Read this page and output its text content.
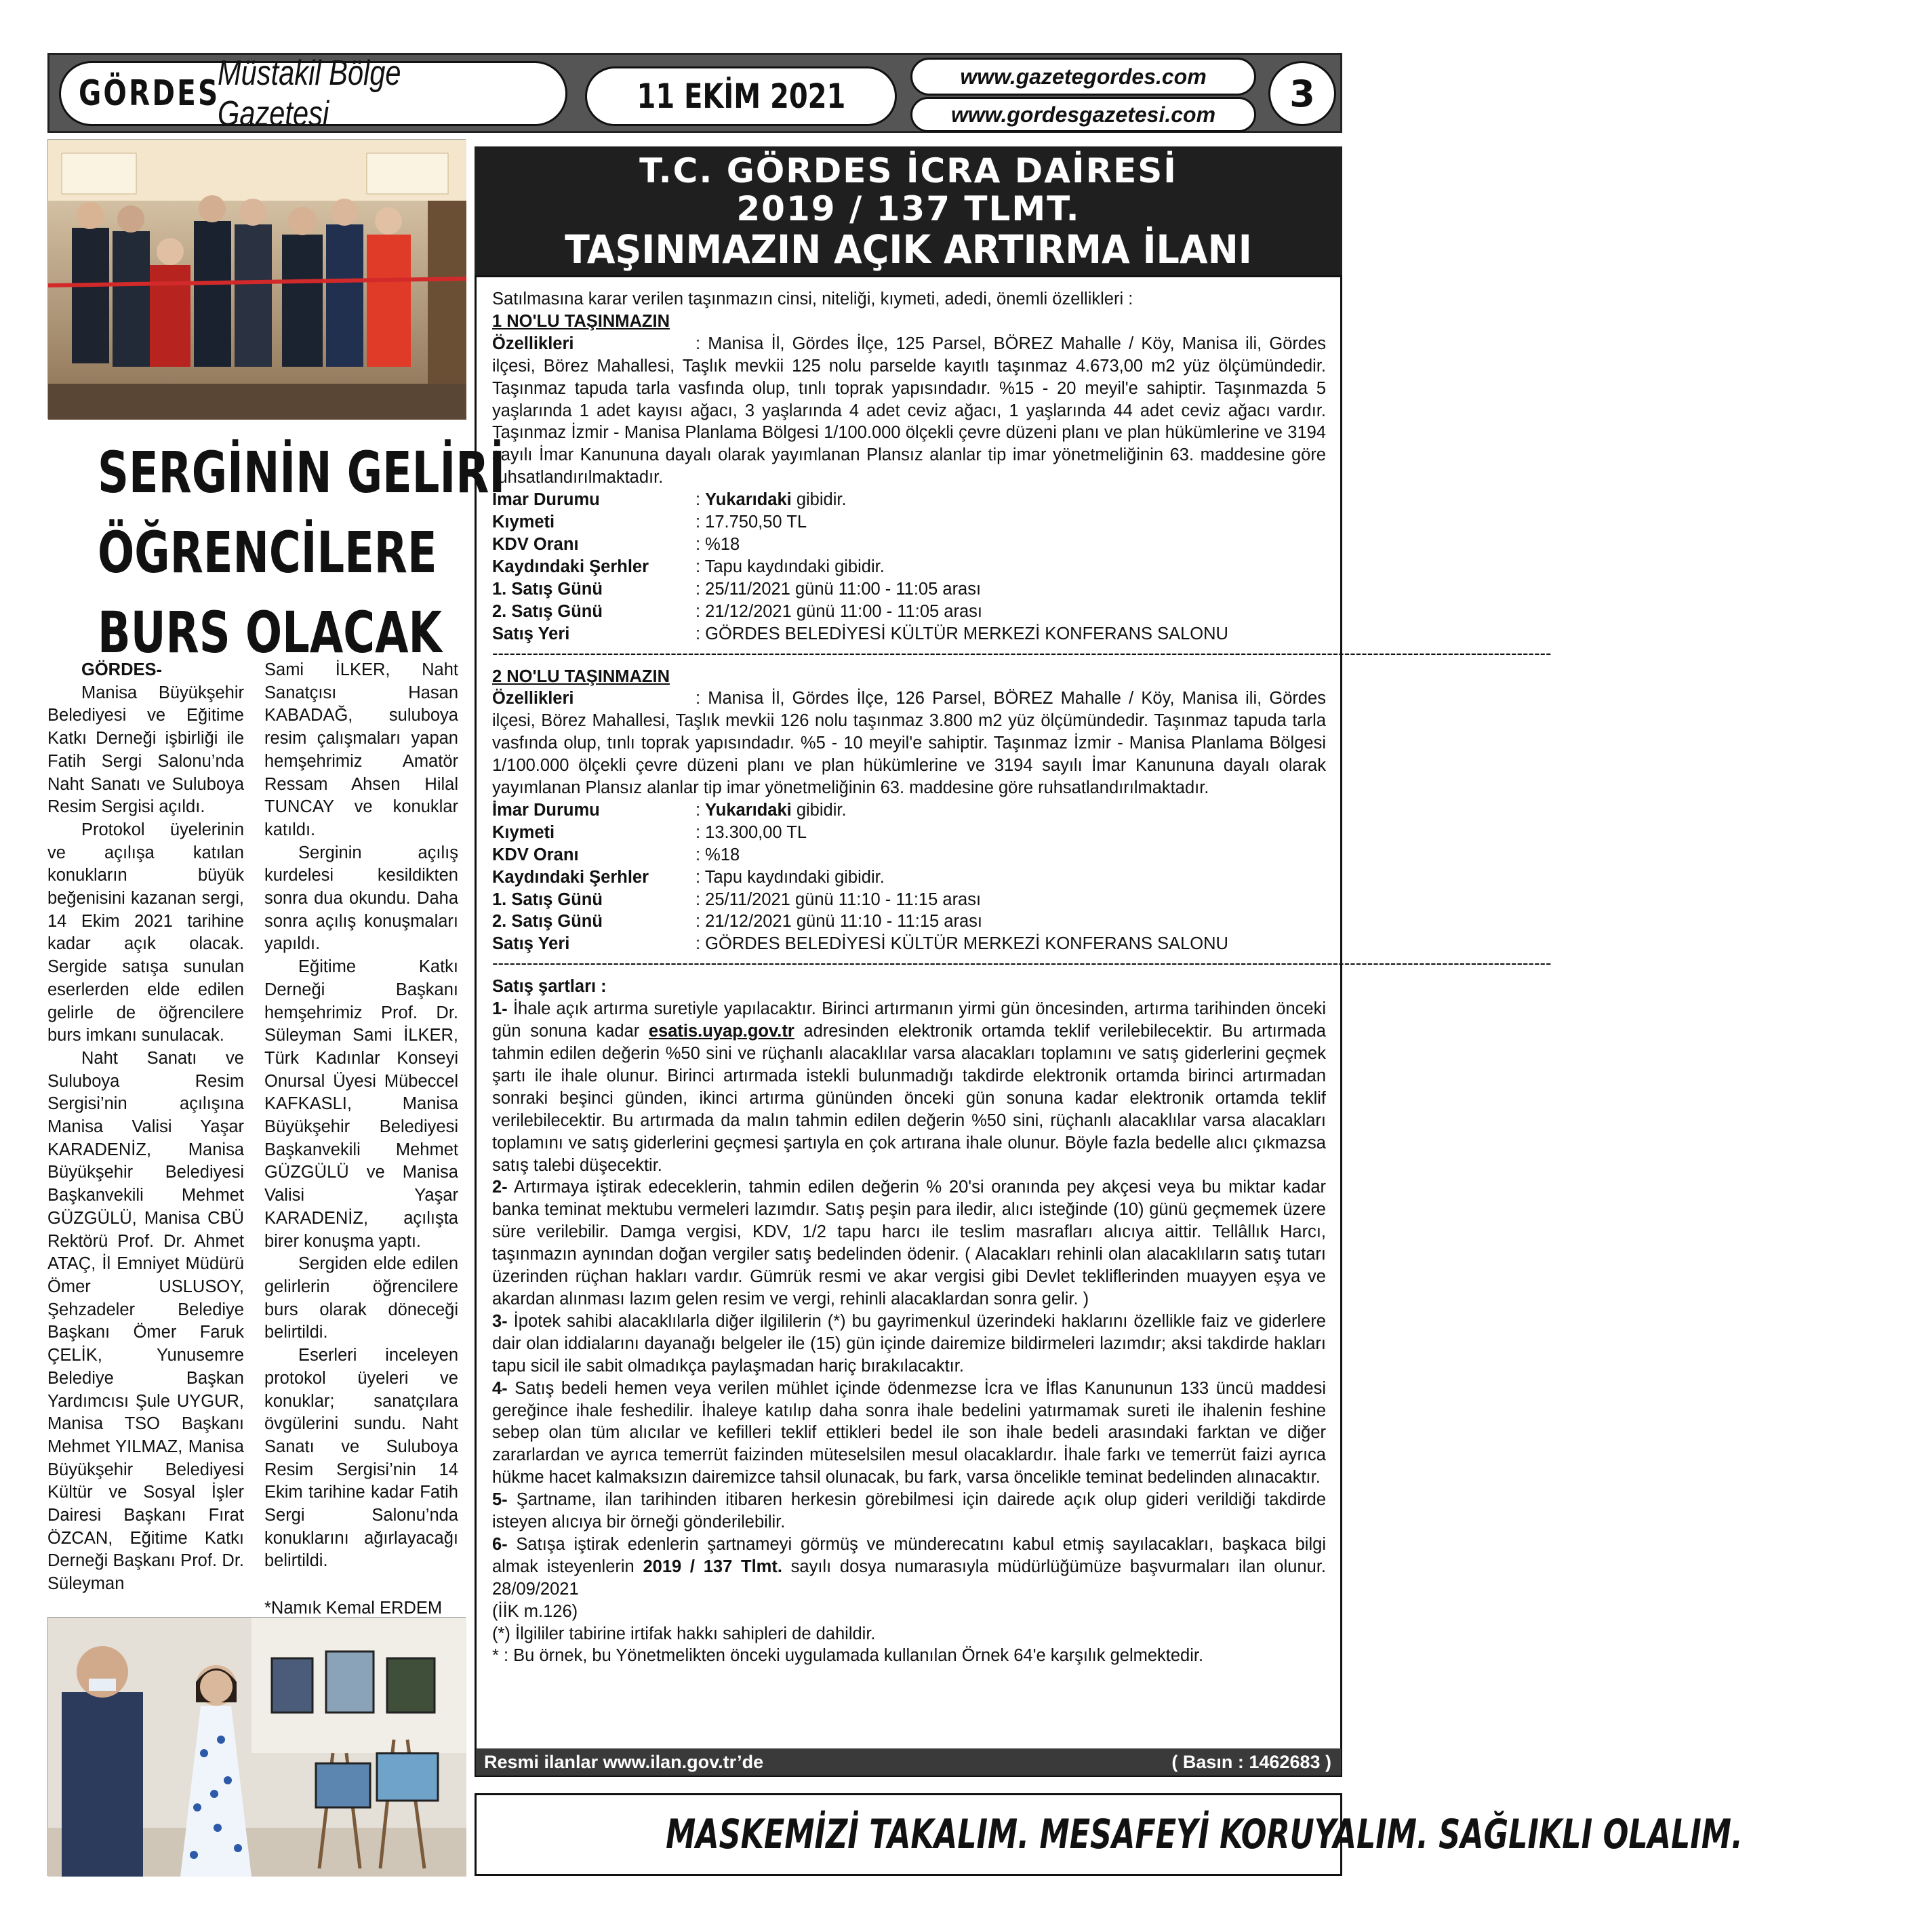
GÖRDES
Müstakil Bölge Gazetesi	11 EKİM 2021
www.gazetegordes.com
www.gordesgazetesi.com 3
SERGİNİN GELİRİ
ÖĞRENCİLERE
BURS OLACAK
GÖRDES-

Manisa Büyükşehir Belediyesi ve Eğitime Katkı Derneği işbirliği ile Fatih Sergi Salonu’nda Naht Sanatı ve Suluboya Resim Sergisi açıldı.

Protokol üyelerinin ve açılışa katılan konukların büyük beğenisini kazanan sergi, 14 Ekim 2021 tarihine kadar açık olacak. Sergide satışa sunulan eserlerden elde edilen gelirle de öğrencilere burs imkanı sunulacak.

Naht Sanatı ve Suluboya Resim Sergisi’nin açılışına Manisa Valisi Yaşar KARADENİZ, Manisa Büyükşehir Belediyesi Başkanvekili Mehmet GÜZGÜLÜ, Manisa CBÜ Rektörü Prof. Dr. Ahmet ATAÇ, İl Emniyet Müdürü Ömer USLUSOY, Şehzadeler Belediye Başkanı Ömer Faruk ÇELİK, Yunusemre Belediye Başkan Yardımcısı Şule UYGUR, Manisa TSO Başkanı Mehmet YILMAZ, Manisa Büyükşehir Belediyesi Kültür ve Sosyal İşler Dairesi Başkanı Fırat ÖZCAN, Eğitime Katkı Derneği Başkanı Prof. Dr. Süleyman

Sami İLKER, Naht Sanatçısı Hasan KABADAĞ, suluboya resim çalışmaları yapan hemşehrimiz Amatör Ressam Ahsen Hilal TUNCAY ve konuklar katıldı.

Serginin açılış kurdelesi kesildikten sonra dua okundu. Daha sonra açılış konuşmaları yapıldı.

Eğitime Katkı Derneği Başkanı hemşehrimiz Prof. Dr. Süleyman Sami İLKER, Türk Kadınlar Konseyi Onursal Üyesi Mübeccel KAFKASLI, Manisa Büyükşehir Belediyesi Başkanvekili Mehmet GÜZGÜLÜ ve Manisa Valisi Yaşar KARADENİZ, açılışta birer konuşma yaptı.

Sergiden elde edilen gelirlerin öğrencilere burs olarak döneceği belirtildi.

Eserleri inceleyen protokol üyeleri ve konuklar; sanatçılara övgülerini sundu. Naht Sanatı ve Suluboya Resim Sergisi’nin 14 Ekim tarihine kadar Fatih Sergi Salonu’nda konuklarını ağırlayacağı belirtildi.

*Namık Kemal ERDEM

T.C. GÖRDES İCRA DAİRESİ
2019 / 137 TLMT.
TAŞINMAZIN AÇIK ARTIRMA İLANI

Satılmasına karar verilen taşınmazın cinsi, niteliği, kıymeti, adedi, önemli özellikleri :

1 NO'LU TAŞINMAZIN

Özellikleri	: Manisa İl, Gördes İlçe, 125 Parsel, BÖREZ Mahalle / Köy, Manisa ili, Gördes ilçesi, Börez Mahallesi, Taşlık mevkii 125 nolu parselde kayıtlı taşınmaz 4.673,00 m2 yüz ölçümündedir. Taşınmaz tapuda tarla vasfında olup, tınlı toprak yapısındadır. %15 - 20 meyil'e sahiptir. Taşınmazda 5 yaşlarında 1 adet kayısı ağacı, 3 yaşlarında 4 adet ceviz ağacı, 1 yaşlarında 44 adet ceviz ağacı vardır. Taşınmaz İzmir - Manisa Planlama Bölgesi 1/100.000 ölçekli çevre düzeni planı ve plan hükümlerine ve 3194 sayılı İmar Kanununa dayalı olarak yayımlanan Plansız alanlar tip imar yönetmeliğinin 63. maddesine göre ruhsatlandırılmaktadır.

İmar Durumu	: Yukarıdaki gibidir.
Kıymeti	: 17.750,50 TL
KDV Oranı	: %18
Kaydındaki Şerhler	: Tapu kaydındaki gibidir.
1. Satış Günü	: 25/11/2021 günü 11:00 - 11:05 arası
2. Satış Günü	: 21/12/2021 günü 11:00 - 11:05 arası
Satış Yeri	: GÖRDES BELEDİYESİ KÜLTÜR MERKEZİ KONFERANS SALONU
----------------------------------------------------------------------------------------------------------------------------------------------------------------------------------------
2 NO'LU TAŞINMAZIN

Özellikleri	: Manisa İl, Gördes İlçe, 126 Parsel, BÖREZ Mahalle / Köy, Manisa ili, Gördes ilçesi, Börez Mahallesi, Taşlık mevkii 126 nolu taşınmaz 3.800 m2 yüz ölçümündedir. Taşınmaz tapuda tarla vasfında olup, tınlı toprak yapısındadır. %5 - 10 meyil'e sahiptir. Taşınmaz İzmir - Manisa Planlama Bölgesi 1/100.000 ölçekli çevre düzeni planı ve plan hükümlerine ve 3194 sayılı İmar Kanununa dayalı olarak yayımlanan Plansız alanlar tip imar yönetmeliğinin 63. maddesine göre ruhsatlandırılmaktadır.

İmar Durumu	: Yukarıdaki gibidir.
Kıymeti	: 13.300,00 TL
KDV Oranı	: %18
Kaydındaki Şerhler	: Tapu kaydındaki gibidir.
1. Satış Günü	: 25/11/2021 günü 11:10 - 11:15 arası
2. Satış Günü	: 21/12/2021 günü 11:10 - 11:15 arası
Satış Yeri	: GÖRDES BELEDİYESİ KÜLTÜR MERKEZİ KONFERANS SALONU
----------------------------------------------------------------------------------------------------------------------------------------------------------------------------------------
Satış şartları :

1- İhale açık artırma suretiyle yapılacaktır. Birinci artırmanın yirmi gün öncesinden, artırma tarihinden önceki gün sonuna kadar esatis.uyap.gov.tr adresinden elektronik ortamda teklif verilebilecektir. Bu artırmada tahmin edilen değerin %50 sini ve rüçhanlı alacaklılar varsa alacakları toplamını ve satış giderlerini geçmek şartı ile ihale olunur. Birinci artırmada istekli bulunmadığı takdirde elektronik ortamda birinci artırmadan sonraki beşinci günden, ikinci artırma gününden önceki gün sonuna kadar elektronik ortamda teklif verilebilecektir. Bu artırmada da malın tahmin edilen değerin %50 sini, rüçhanlı alacaklılar varsa alacakları toplamını ve satış giderlerini geçmesi şartıyla en çok artırana ihale olunur. Böyle fazla bedelle alıcı çıkmazsa satış talebi düşecektir.

2- Artırmaya iştirak edeceklerin, tahmin edilen değerin % 20'si oranında pey akçesi veya bu miktar kadar banka teminat mektubu vermeleri lazımdır. Satış peşin para iledir, alıcı isteğinde (10) günü geçmemek üzere süre verilebilir. Damga vergisi, KDV, 1/2 tapu harcı ile teslim masrafları alıcıya aittir. Tellâllık Harcı, taşınmazın aynından doğan vergiler satış bedelinden ödenir. ( Alacakları rehinli olan alacaklıların satış tutarı üzerinden rüçhan hakları vardır. Gümrük resmi ve akar vergisi gibi Devlet tekliflerinden muayyen eşya ve akardan alınması lazım gelen resim ve vergi, rehinli alacaklardan sonra gelir. )

3- İpotek sahibi alacaklılarla diğer ilgililerin (*) bu gayrimenkul üzerindeki haklarını özellikle faiz ve giderlere dair olan iddialarını dayanağı belgeler ile (15) gün içinde dairemize bildirmeleri lazımdır; aksi takdirde hakları tapu sicil ile sabit olmadıkça paylaşmadan hariç bırakılacaktır.

4- Satış bedeli hemen veya verilen mühlet içinde ödenmezse İcra ve İflas Kanununun 133 üncü maddesi gereğince ihale feshedilir. İhaleye katılıp daha sonra ihale bedelini yatırmamak sureti ile ihalenin feshine sebep olan tüm alıcılar ve kefilleri teklif ettikleri bedel ile son ihale bedeli arasındaki farktan ve diğer zararlardan ve ayrıca temerrüt faizinden müteselsilen mesul olacaklardır. İhale farkı ve temerrüt faizi ayrıca hükme hacet kalmaksızın dairemizce tahsil olunacak, bu fark, varsa öncelikle teminat bedelinden alınacaktır.

5- Şartname, ilan tarihinden itibaren herkesin görebilmesi için dairede açık olup gideri verildiği takdirde isteyen alıcıya bir örneği gönderilebilir.

6- Satışa iştirak edenlerin şartnameyi görmüş ve münderecatını kabul etmiş sayılacakları, başkaca bilgi almak isteyenlerin 2019 / 137 Tlmt. sayılı dosya numarasıyla müdürlüğümüze başvurmaları ilan olunur. 28/09/2021

(İİK m.126)
(*) İlgililer tabirine irtifak hakkı sahipleri de dahildir.
* : Bu örnek, bu Yönetmelikten önceki uygulamada kullanılan Örnek 64'e karşılık gelmektedir.
Resmi ilanlar www.ilan.gov.tr’de	( Basın : 1462683 )
MASKEMİZİ TAKALIM. MESAFEYİ KORUYALIM. SAĞLIKLI OLALIM.
